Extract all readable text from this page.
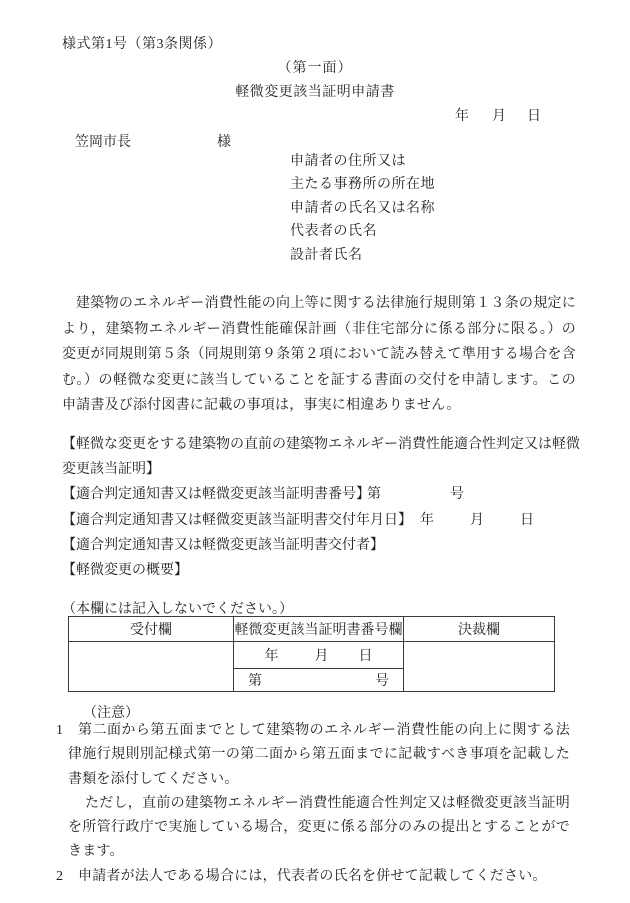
様式第1号（第3条関係）
（第一面）
軽微変更該当証明申請書
年 月 日
笠岡市長	様
申請者の住所又は
主たる事務所の所在地
申請者の氏名又は名称
代表者の氏名
設計者氏名
建築物のエネルギー消費性能の向上等に関する法律施行規則第１３条の規定により，建築物エネルギー消費性能確保計画（非住宅部分に係る部分に限る。）の変更が同規則第５条（同規則第９条第２項において読み替えて準用する場合を含む。）の軽微な変更に該当していることを証する書面の交付を申請します。この申請書及び添付図書に記載の事項は，事実に相違ありません。
【軽微な変更をする建築物の直前の建築物エネルギー消費性能適合性判定又は軽微変更該当証明】
【適合判定通知書又は軽微変更該当証明書番号】
第	号
【適合判定通知書又は軽微変更該当証明書交付年月日】 年	月	日
【適合判定通知書又は軽微変更該当証明書交付者】
【軽微変更の概要】
（本欄には記入しないでください。）
受付欄	軽微変更該当証明書番号欄	決裁欄
	年 月 日	

	第 号	
（注意）
1	第二面から第五面までとして建築物のエネルギー消費性能の向上に関する法律施行規則別記様式第一の第二面から第五面までに記載すべき事項を記載した書類を添付してください。

ただし，直前の建築物エネルギー消費性能適合性判定又は軽微変更該当証明を所管行政庁で実施している場合，変更に係る部分のみの提出とすることができます。

2	申請者が法人である場合には，代表者の氏名を併せて記載してください。
